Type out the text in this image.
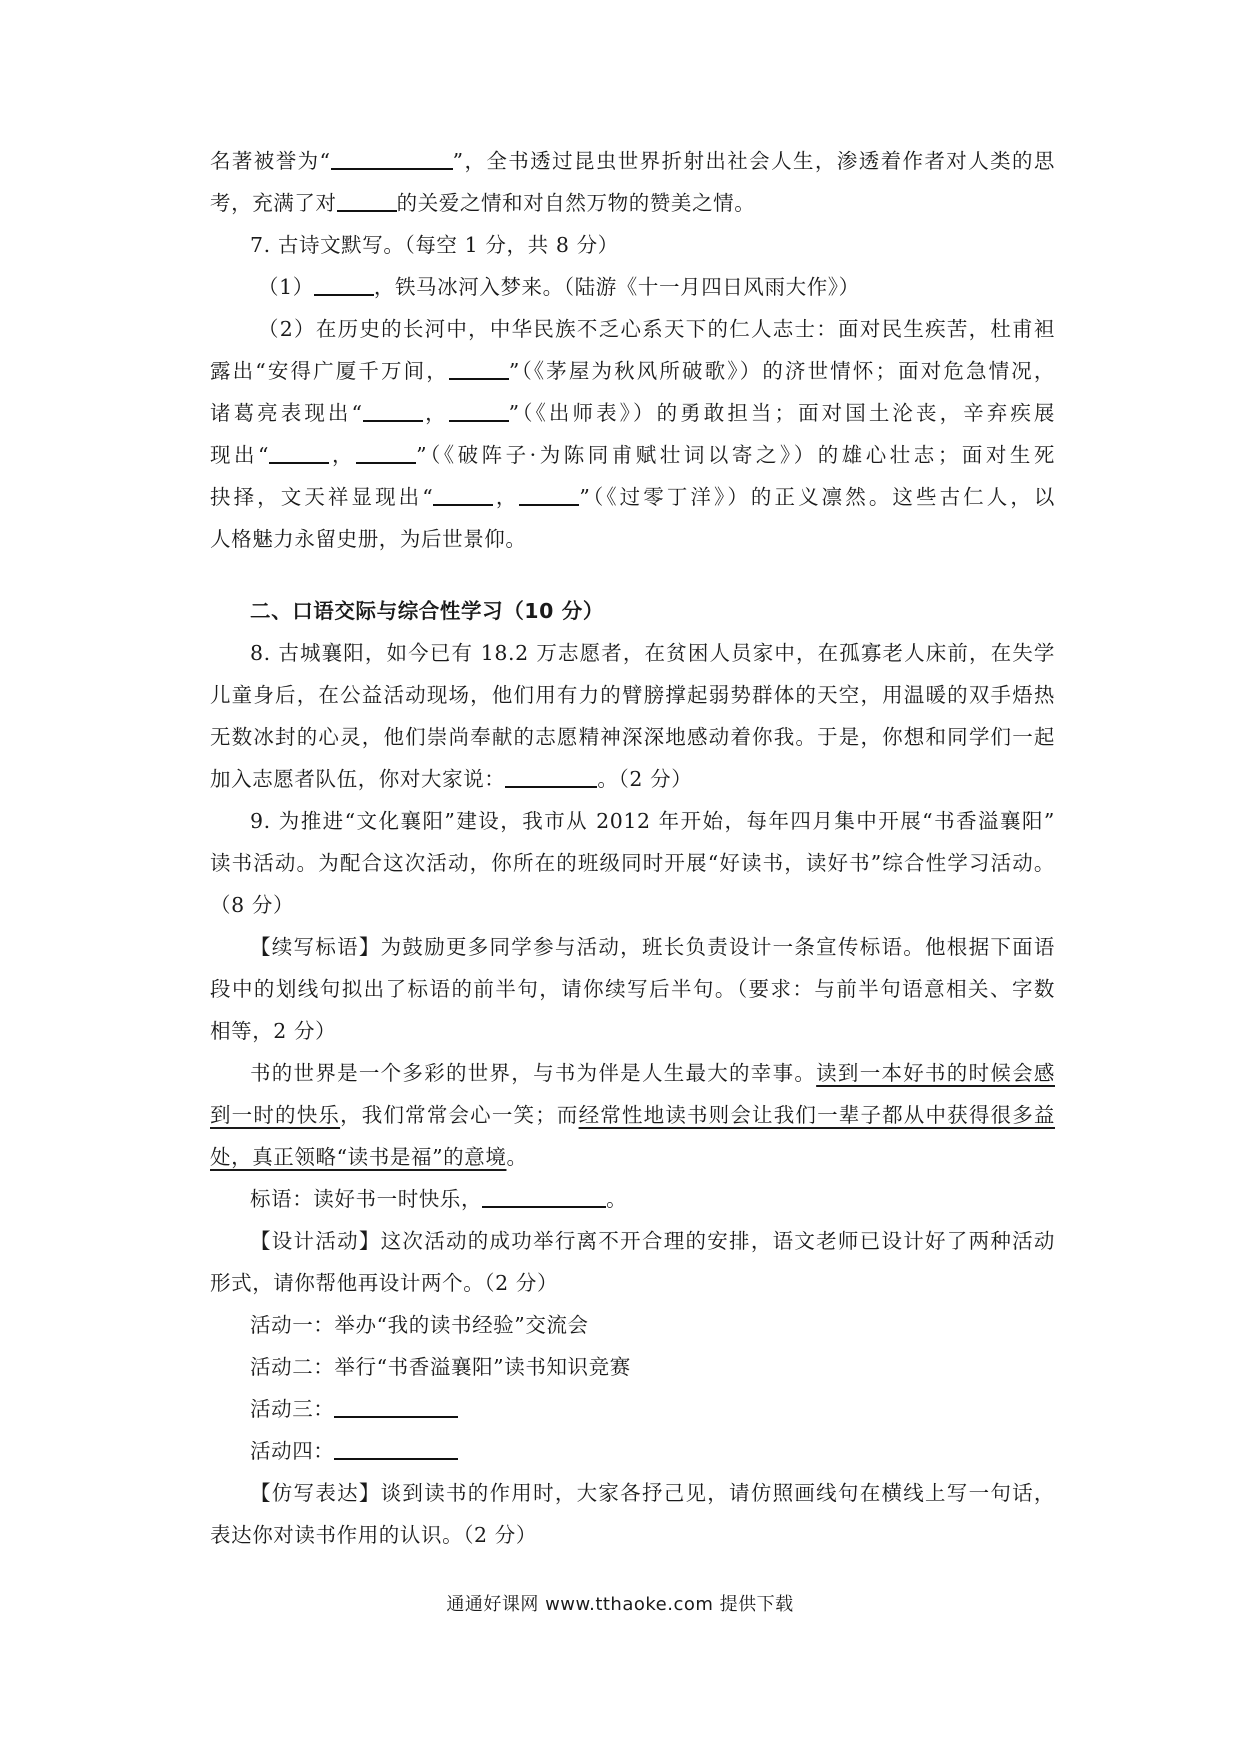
名著被誉为“	”，全书透过昆虫世界折射出社会人生，渗透着作者对人类的思
考，充满了对	的关爱之情和对自然万物的赞美之情。
7. 古诗文默写。（每空 1 分，共 8 分）
（1）	，铁马冰河入梦来。（陆游《十一月四日风雨大作》）
（2）在历史的长河中，中华民族不乏心系天下的仁人志士：面对民生疾苦，杜甫袒
露出“安得广厦千万间，	”（《茅屋为秋风所破歌》）的济世情怀；面对危急情况，
诸葛亮表现出“	，	”（《出师表》）的勇敢担当；面对国土沦丧，辛弃疾展
现出“	，	”（《破阵子·为陈同甫赋壮词以寄之》）的雄心壮志；面对生死
抉择，文天祥显现出“	，	”（《过零丁洋》）的正义凛然。这些古仁人，以
人格魅力永留史册，为后世景仰。
二、口语交际与综合性学习（10 分）
8. 古城襄阳，如今已有 18.2 万志愿者，在贫困人员家中，在孤寡老人床前，在失学
儿童身后，在公益活动现场，他们用有力的臂膀撑起弱势群体的天空，用温暖的双手焐热
无数冰封的心灵，他们崇尚奉献的志愿精神深深地感动着你我。于是，你想和同学们一起
加入志愿者队伍，你对大家说：	。（2 分）
9. 为推进“文化襄阳”建设，我市从 2012 年开始，每年四月集中开展“书香溢襄阳”
读书活动。为配合这次活动，你所在的班级同时开展“好读书，读好书”综合性学习活动。
（8 分）
【续写标语】为鼓励更多同学参与活动，班长负责设计一条宣传标语。他根据下面语
段中的划线句拟出了标语的前半句，请你续写后半句。（要求：与前半句语意相关、字数
相等，2 分）
书的世界是一个多彩的世界，与书为伴是人生最大的幸事。读到一本好书的时候会感
到一时的快乐，我们常常会心一笑；而经常性地读书则会让我们一辈子都从中获得很多益
处，真正领略“读书是福”的意境。
标语：读好书一时快乐，	。
【设计活动】这次活动的成功举行离不开合理的安排，语文老师已设计好了两种活动
形式，请你帮他再设计两个。（2 分）
活动一：举办“我的读书经验”交流会
活动二：举行“书香溢襄阳”读书知识竞赛
活动三：
活动四：
【仿写表达】谈到读书的作用时，大家各抒己见，请仿照画线句在横线上写一句话，
表达你对读书作用的认识。（2 分）
通通好课网 www.tthaoke.com 提供下载
